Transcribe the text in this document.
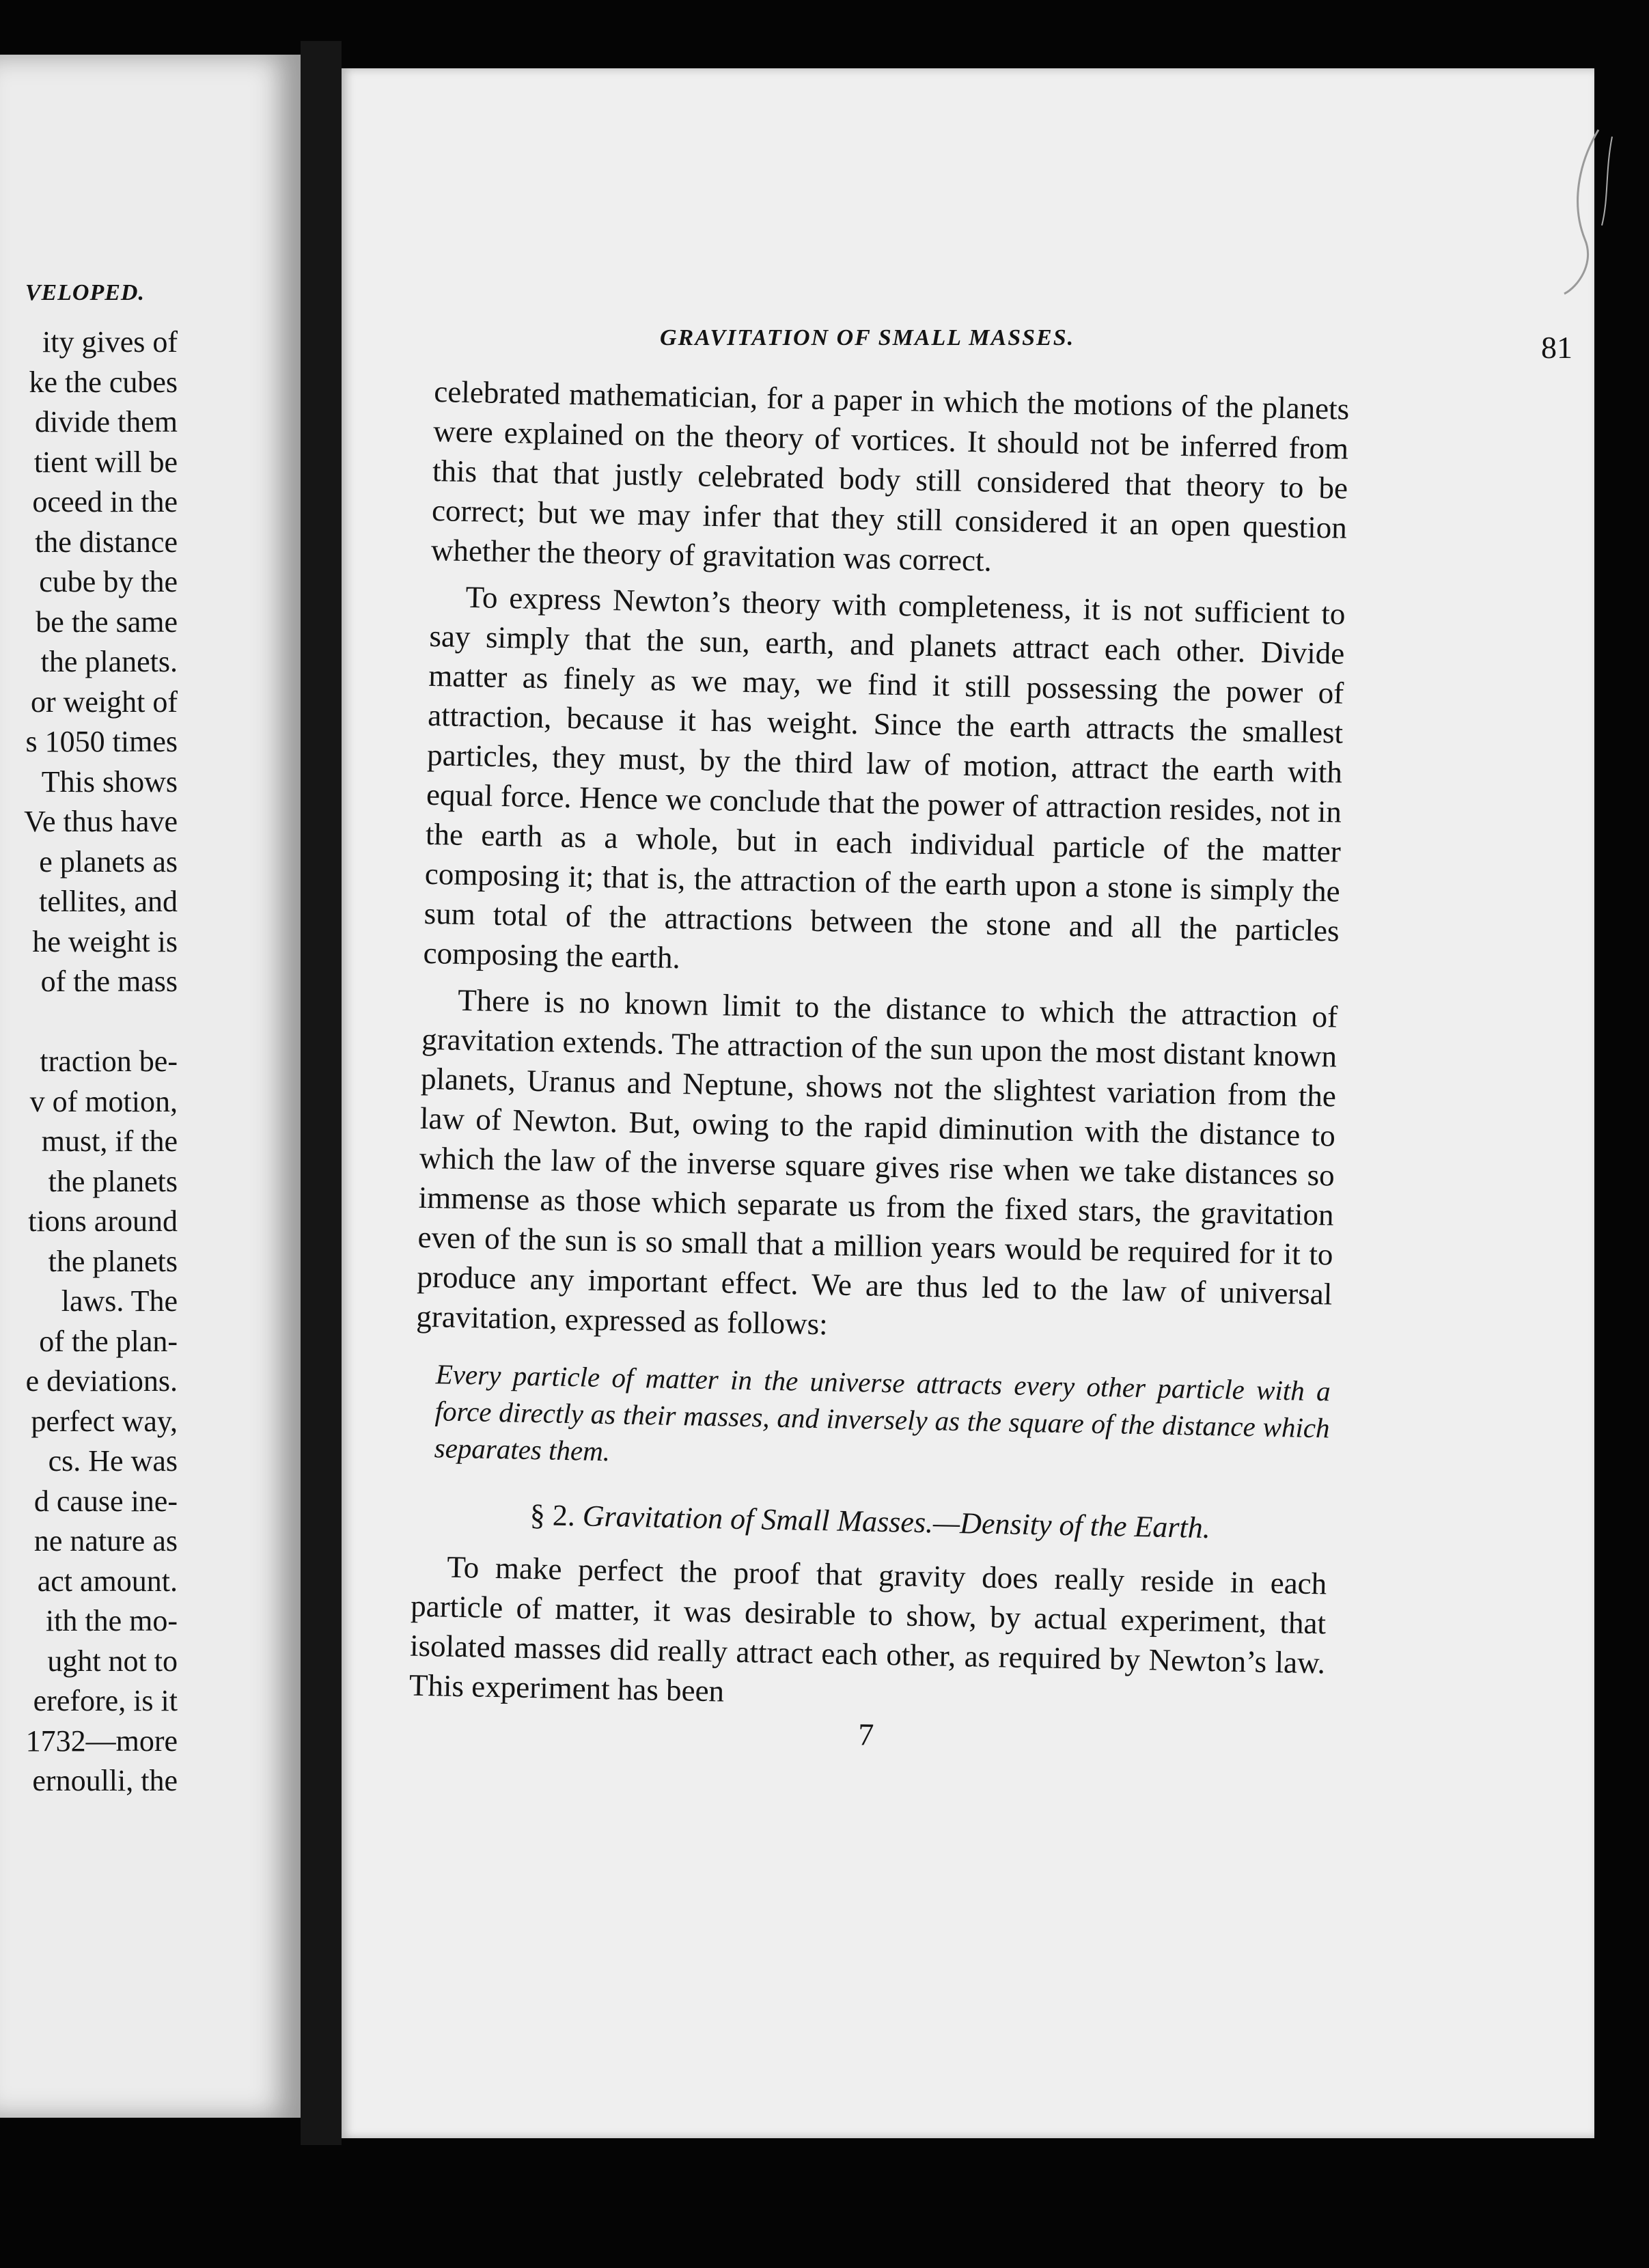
VELOPED.
ity gives of
ke the cubes
divide them
tient will be
oceed in the
the distance
cube by the
be the same
the planets.
or weight of
s 1050 times
This shows
Ve thus have
e planets as
tellites, and
he weight is
of the mass
traction be-
v of motion,
must, if the
the planets
tions around
the planets
laws. The
of the plan-
e deviations.
perfect way,
cs. He was
d cause ine-
ne nature as
act amount.
ith the mo-
ught not to
erefore, is it
1732—more
ernoulli, the
GRAVITATION OF SMALL MASSES.	81

celebrated mathematician, for a paper in which the motions of the planets were explained on the theory of vortices. It should not be inferred from this that that justly celebrated body still considered that theory to be correct; but we may infer that they still considered it an open question whether the theory of gravitation was correct.

To express Newton’s theory with completeness, it is not sufficient to say simply that the sun, earth, and planets attract each other. Divide matter as finely as we may, we find it still possessing the power of attraction, because it has weight. Since the earth attracts the smallest particles, they must, by the third law of motion, attract the earth with equal force. Hence we conclude that the power of attraction resides, not in the earth as a whole, but in each individual particle of the matter composing it; that is, the attraction of the earth upon a stone is simply the sum total of the attractions between the stone and all the particles composing the earth.

There is no known limit to the distance to which the attraction of gravitation extends. The attraction of the sun upon the most distant known planets, Uranus and Neptune, shows not the slightest variation from the law of Newton. But, owing to the rapid diminution with the distance to which the law of the inverse square gives rise when we take distances so immense as those which separate us from the fixed stars, the gravitation even of the sun is so small that a million years would be required for it to produce any important effect. We are thus led to the law of universal gravitation, expressed as follows:

Every particle of matter in the universe attracts every other particle with a force directly as their masses, and inversely as the square of the distance which separates them.

§ 2. Gravitation of Small Masses.—Density of the Earth.

To make perfect the proof that gravity does really reside in each particle of matter, it was desirable to show, by actual experiment, that isolated masses did really attract each other, as required by Newton’s law. This experiment has been

7
